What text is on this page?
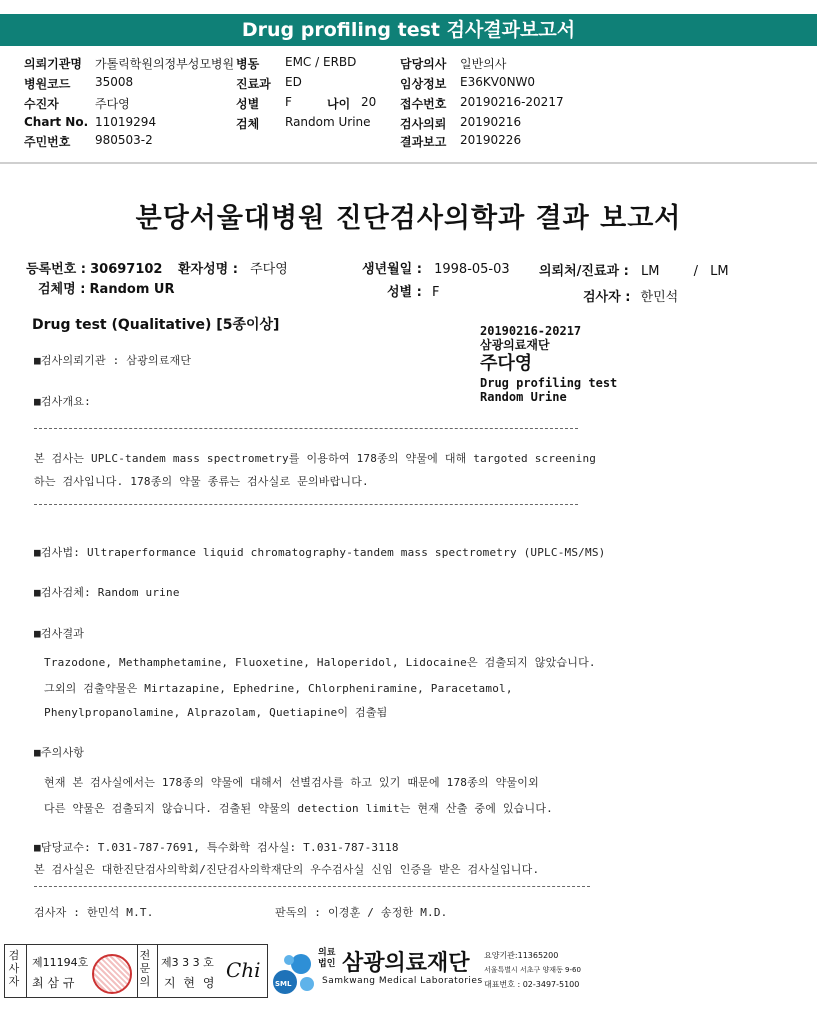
Drug profiling test 검사결과보고서
의뢰기관명 가톨릭학원의정부성모병원 병동 EMC / ERBD	담당의사 일반의사
병원코드 35008	진료과 ED	임상정보 E36KV0NW0
수진자	주다영	성별 F	나이 20 접수번호 20190216-20217
Chart No. 11019294	검체 Random Urine 검사의뢰 20190216
주민번호 980503-2	결과보고 20190226
분당서울대병원 진단검사의학과 결과 보고서
등록번호 : 30697102 환자성명 : 주다영	생년월일 : 1998-05-03 의뢰처/진료과 : LM	/ LM
검체명 : Random UR	성별 : F	검사자 : 한민석
Drug test (Qualitative) [5종이상]	20190216-20217
삼광의료재단
주다영
Drug profiling test
Random Urine
■검사의뢰기관 : 삼광의료재단
■검사개요:
본 검사는 UPLC-tandem mass spectrometry를 이용하여 178종의 약물에 대해 targoted screening
하는 검사입니다. 178종의 약물 종류는 검사실로 문의바랍니다.
■검사법: Ultraperformance liquid chromatography-tandem mass spectrometry (UPLC-MS/MS)
■검사검체: Random urine
■검사결과
Trazodone, Methamphetamine, Fluoxetine, Haloperidol, Lidocaine은 검출되지 않았습니다.
그외의 검출약물은 Mirtazapine, Ephedrine, Chlorpheniramine, Paracetamol,
Phenylpropanolamine, Alprazolam, Quetiapine이 검출됨
■주의사항
현재 본 검사실에서는 178종의 약물에 대해서 선별검사를 하고 있기 때문에 178종의 약물이외
다른 약물은 검출되지 않습니다. 검출된 약물의 detection limit는 현재 산출 중에 있습니다.
■담당교수: T.031-787-7691, 특수화학 검사실: T.031-787-3118
본 검사실은 대한진단검사의학회/진단검사의학재단의 우수검사실 신임 인증을 받은 검사실입니다.
검사자 : 한민석 M.T.	판독의 : 이경훈 / 송정한 M.D.
검
사
자
제11194호
최 삼 규
전
문
의
제3 3 3 호
지 현 영
Chi
SML
의료
법인 삼광의료재단
Samkwang Medical Laboratories
요양기관:11365200
서울특별시 서초구 양재동 9-60
대표번호 : 02-3497-5100
